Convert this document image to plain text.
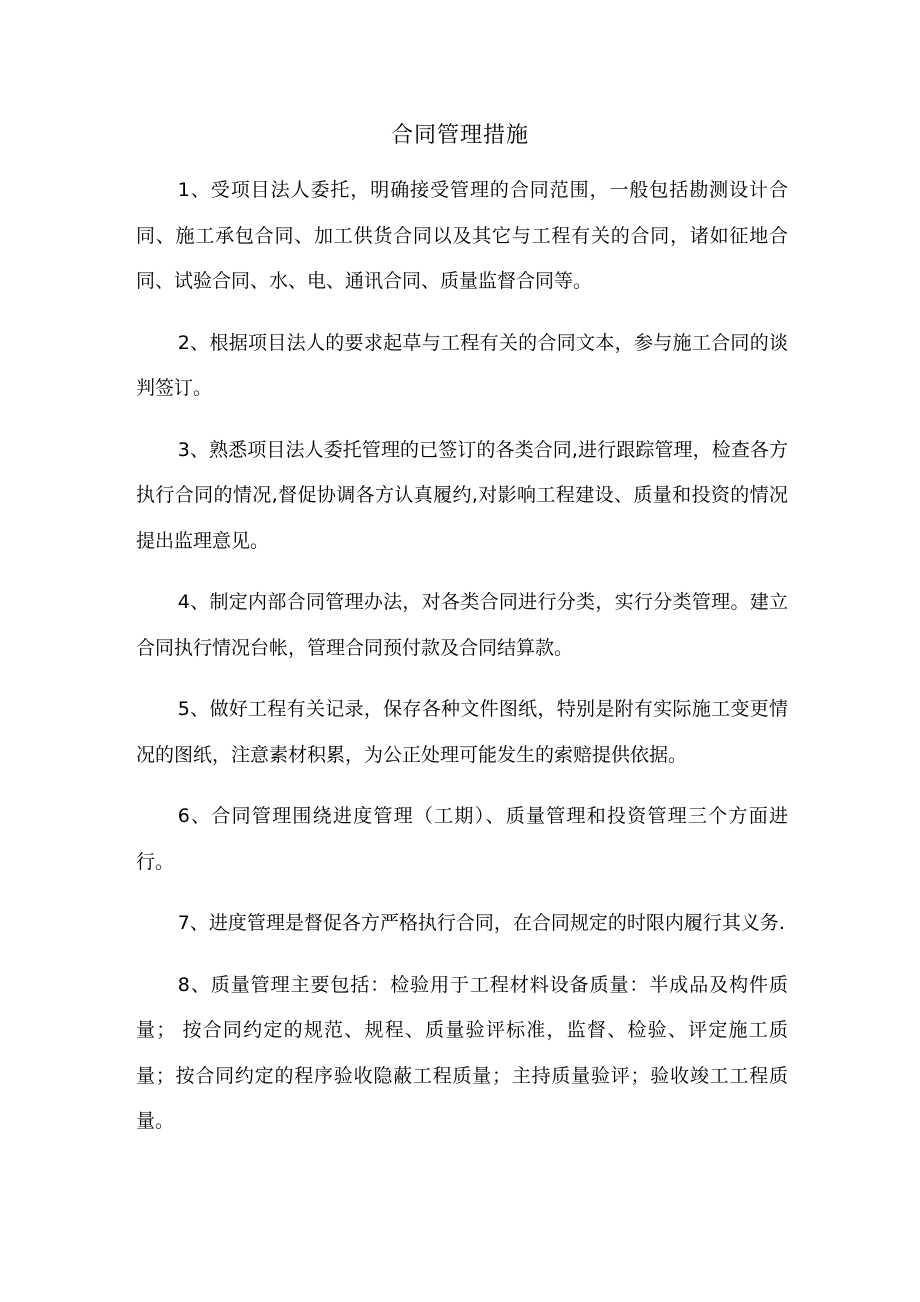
合同管理措施

1、受项目法人委托，明确接受管理的合同范围，一般包括勘测设计合同、施工承包合同、加工供货合同以及其它与工程有关的合同，诸如征地合同、试验合同、水、电、通讯合同、质量监督合同等。

2、根据项目法人的要求起草与工程有关的合同文本，参与施工合同的谈判签订。

3、熟悉项目法人委托管理的已签订的各类合同,进行跟踪管理，检查各方执行合同的情况,督促协调各方认真履约,对影响工程建设、质量和投资的情况提出监理意见。

4、制定内部合同管理办法，对各类合同进行分类，实行分类管理。建立合同执行情况台帐，管理合同预付款及合同结算款。

5、做好工程有关记录，保存各种文件图纸，特别是附有实际施工变更情况的图纸，注意素材积累，为公正处理可能发生的索赔提供依据。

6、合同管理围绕进度管理（工期）、质量管理和投资管理三个方面进行。

7、进度管理是督促各方严格执行合同，在合同规定的时限内履行其义务.

8、质量管理主要包括：检验用于工程材料设备质量：半成品及构件质量； 按合同约定的规范、规程、质量验评标准，监督、检验、评定施工质量；按合同约定的程序验收隐蔽工程质量；主持质量验评；验收竣工工程质量。
